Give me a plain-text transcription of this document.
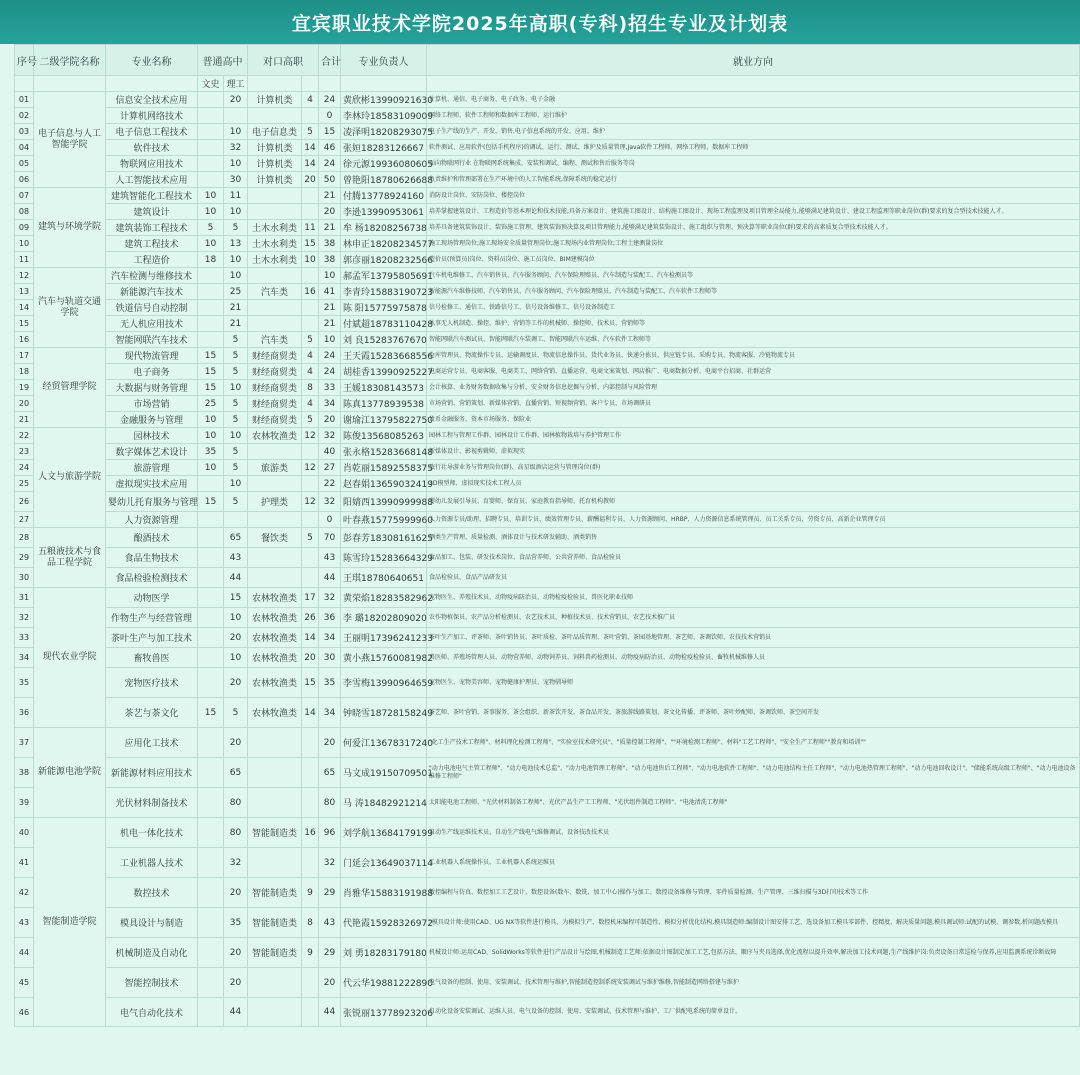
宜宾职业技术学院2025年高职(专科)招生专业及计划表
序号	二级学院名称	专业名称	普通高中		对口高职		合计	专业负责人	就业方向
			文史	理工					
01	电子信息与人工智能学院	信息安全技术应用		20	计算机类	4	24	黄欣彬13990921630	计算机、通信、电子商务、电子政务、电子金融
02		计算机网络技术					0	李林玲18583109009	网络工程师、软件工程师和数据库工程师、运行维护
03		电子信息工程技术		10	电子信息类	5	15	凌泽明18208293075	电子生产线的生产、开发、销售,电子信息系统的开发、应用、维护
04		软件技术		32	计算机类	14	46	张姮18283126667	软件测试、应用软件(包括手机程序)的调试、运行、测试、维护及质量管理,Java软件工程师、网络工程师、数据库工程师
05		物联网应用技术		10	计算机类	14	24	徐元源19936080605	面向物联网行业 在物联网系统集成、安装和调试、编程、测试和售后服务等岗
06		人工智能技术应用		30	计算机类	20	50	曾艳阳18780626688	负责维护和管理部署在生产环境中的人工智能系统,保障系统的稳定运行
07	建筑与环境学院	建筑智能化工程技术	10	11			21	付腾13778924160	消防设计岗位、安防岗位、楼控岗位
08		建筑设计	10	10			20	李逊13990953061	培养掌握建筑设计、工程造价等基本理论和技术技能,具备方案设计、建筑施工图设计、结构施工图设计、现场工程监理及项目管理全局能力,能够满足建筑设计、建设工程监理等职业岗位(群)要求的复合型技术技能人才。
09		建筑装饰工程技术	5	5	土木水利类	11	21	牟 杨18208256738	培养具备建筑装饰设计、装饰施工管理、建筑装饰预决算及项目管理能力,能够满足建筑装饰设计、施工组织与管理、预决算等职业岗位(群)要求的高素质复合型技术技能人才。
10		建筑工程技术	10	13	土木水利类	15	38	林申正18208234577	施工现场管理岗位;施工现场安全质量管理岗位;施工现场内业管理岗位;工程土建测量岗位
11		工程造价	18	10	土木水利类	10	38	郭彦丽18208232566	造价员(预算员)岗位、资料员岗位、施工员岗位、BIM建模岗位
12	汽车与轨道交通学院	汽车检测与维修技术		10			10	郝孟军13795805691	汽车机电维修工、汽车销售员、汽车服务顾问、汽车保险理赔员、汽车制造与装配工、汽车检测员等
13		新能源汽车技术		25	汽车类	16	41	李青玲15883190723	新能源汽车维修技师、汽车销售员、汽车服务顾问、汽车保险理赔员、汽车制造与装配工、汽车软件工程师等
14		铁道信号自动控制		21			21	陈 阳15775975878	信号检修工、通信工、铁路信号工、信号设备维修工、信号设备制造工
15		无人机应用技术		21			21	付斌超18783110428	从事无人机制造、操控、维护、营销等工作的机械师、操控师、技术员、营销师等
16		智能网联汽车技术		5	汽车类	5	10	刘 良15283767670	智能网联汽车测试员、智能网联汽车装调工、智能网联汽车运维、汽车软件工程师等
17	经贸管理学院	现代物流管理	15	5	财经商贸类	4	24	王天霞15283668556	仓库管理员、物流操作专员、运输调度员、物流信息操作员、货代业务员、快递分拣员、供应链专员、采购专员、物流客服、冷链物流专员
18		电子商务	15	5	财经商贸类	4	24	胡桂香13990925227	电商运营专员、电商客服、电商美工、网络营销、直播运营、电商文案策划、网店推广、电商数据分析、电商平台招商、社群运营
19		大数据与财务管理	15	10	财经商贸类	8	33	王媛18308143573	会计核算、业务财务数据收集与分析、安全财务信息挖掘与分析、内部控制与风险管理
20		市场营销	25	5	财经商贸类	4	34	陈真13778939538	市场营销、营销策划、新媒体营销、直播营销、短视频营销、客户专员、市场调研员
21		金融服务与管理	10	5	财经商贸类	5	20	谢瑜江13795822750	货币金融服务、资本市场服务、保险业
22	人文与旅游学院	园林技术	10	10	农林牧渔类	12	32	陈俊13568085263	园林工程与管理工作群、园林设计工作群、园林植物栽培与养护管理工作
23		数字媒体艺术设计	35	5			40	张永格15283668148	新媒体设计、影视剪辑师、虚拟现实
24		旅游管理	10	5	旅游类	12	27	肖乾丽15892558375	旅行社导游业务与管理岗位(群)、高星级酒店运营与管理岗位(群)
25		虚拟现实技术应用		10			22	赵春娟13659032419	3D模型师、虚拟现实技术工程人员
26		婴幼儿托育服务与管理	15	5	护理类	12	32	阳婧西13990999988	婴幼儿发展引导员、育婴师、保育员、家庭教育指导师、托育机构教师
27		人力资源管理					0	叶春燕15775999960	人力资源专员/助理、招聘专员、培训专员、绩效管理专员、薪酬福利专员、人力资源顾问、HRBP、人力资源信息系统管理员、员工关系专员、劳资专员、高新企业管理专员
28	五粮液技术与食品工程学院	酿酒技术		65	餐饮类	5	70	彭春芳18308161625	酒类生产管理、质量检测、酒体设计与技术研发辅助、酒类销售
29		食品生物技术		43			43	陈雪玲15283664329	食品加工、包装、研发技术岗位、食品营养师、公共营养师、食品检验员
30		食品检验检测技术		44			44	王琪18780640651	食品检验员、食品产品研发员
31	现代农业学院	动物医学		15	农林牧渔类	17	32	黄荣焰18283582962	宠物医生、养殖技术员、动物疫病防治员、动物检疫检验员、兽医化职业技师
32		作物生产与经营管理		10	农林牧渔类	26	36	李 璐18202809020	农作物植保员、农产品分析检测员、农艺技术员、种植技术员、技术营销员、农艺技术推广员
33		茶叶生产与加工技术		20	农林牧渔类	14	34	王丽明17396241233	茶叶生产加工、评茶师、茶叶销售员、茶叶质检、茶叶品质管理、茶叶营销、茶园基地管理、茶艺师、茶调饮师、农技技术营销员
34		畜牧兽医		10	农林牧渔类	20	30	黄小燕15760081982	兽医师、养殖场管理人员、动物营养师、动物饲养员、饲料兽药检测员、动物疫病防治员、动物检疫检验员、畜牧机械维修人员
35		宠物医疗技术		20	农林牧渔类	15	35	李雪梅13990964659	宠物医生、宠物美容师、宠物健康护理员、宠物驯导师
36		茶艺与茶文化	15	5	农林牧渔类	14	34	钟晓雪18728158249	茶艺师、茶叶营销、茶事服务、茶会组织、新茶饮开发、茶食品开发、茶旅游线路策划、茶文化传播、评茶师、茶叶炒配师、茶调饮师、茶空间开发
37	新能源电池学院	应用化工技术		20			20	何爱江13678317240	"化工生产技术工程师"、材料理化检测工程师"、"实验室技术研究员"、"质量控制工程师"、""环境检测工程师"、材料"工艺工程师"、"安全生产工程师""教育和培训""
38		新能源材料应用技术		65			65	马文成19150709501	"动力电池电气主管工程师"、"动力电池技术总监"、"动力电池管理工程师"、"动力电池售后工程师"、"动力电池软件工程师"、"动力电池结构主任工程师"、"动力电池热管理工程师"、"动力电池回收设计"、"储能系统高级工程师"、"动力电池设备维修工程师"
39		光伏材料制备技术		80			80	马 涛18482921214	太阳能电池工程师、"光伏材料制备工程师"、光伏产品生产工工程师、"光伏组件制造工程师"、"电池清洗工程师"
40	智能制造学院	机电一体化技术		80	智能制造类	16	96	刘学航13684179199	自动生产线运维技术员、自动生产线电气维修调试、设备技改技术员
41		工业机器人技术		32			32	门延会13649037114	工业机器人系统操作员、工业机器人系统运维员
42		数控技术		20	智能制造类	9	29	肖雅华15883191988	数控编程与仿真、数控加工工艺设计、数控设备(数车、数铣、加工中心)操作与加工、数控设备维修与管理、零件质量检测、生产管理、三维扫描与3D打印技术等工作
43		模具设计与制造		35	智能制造类	8	43	代艳霞15928326972	"模具设计师:使用CAD、UG NX等软件进行模具、为模拟生产、数控机床编程可制造性、模拟分析优化结构,模具制造师:编制设计图安排工艺、选设备加工模具零部件、控精度、解决质量问题,模具调试师:试配的试模、调参数,析问题改模具
44		机械制造及自动化		20	智能制造类	9	29	刘 勇18283179180	机械设计师:运用CAD、SolidWorks等软件进行产品设计与绘图,机械制造工艺师:依据设计图制定加工工艺,包括方法、顺序与夹具选择,优化流程以提升效率,解决加工技术问题,生产线维护岗:负责设备日常巡检与保养,应用监测系统诊断故障
45		智能控制技术		20			20	代云华19881222890	电气设备的控制、使用、安装调试、技术管理与维护,智能制造控制系统安装调试与维护维修,智能制造网络搭建与维护
46		电气自动化技术		44			44	张锐丽13778923206	自动化设备安装调试、运维人员、电气设备的控制、使用、安装调试、技术管理与维护、工厂供配电系统的简单设计。
